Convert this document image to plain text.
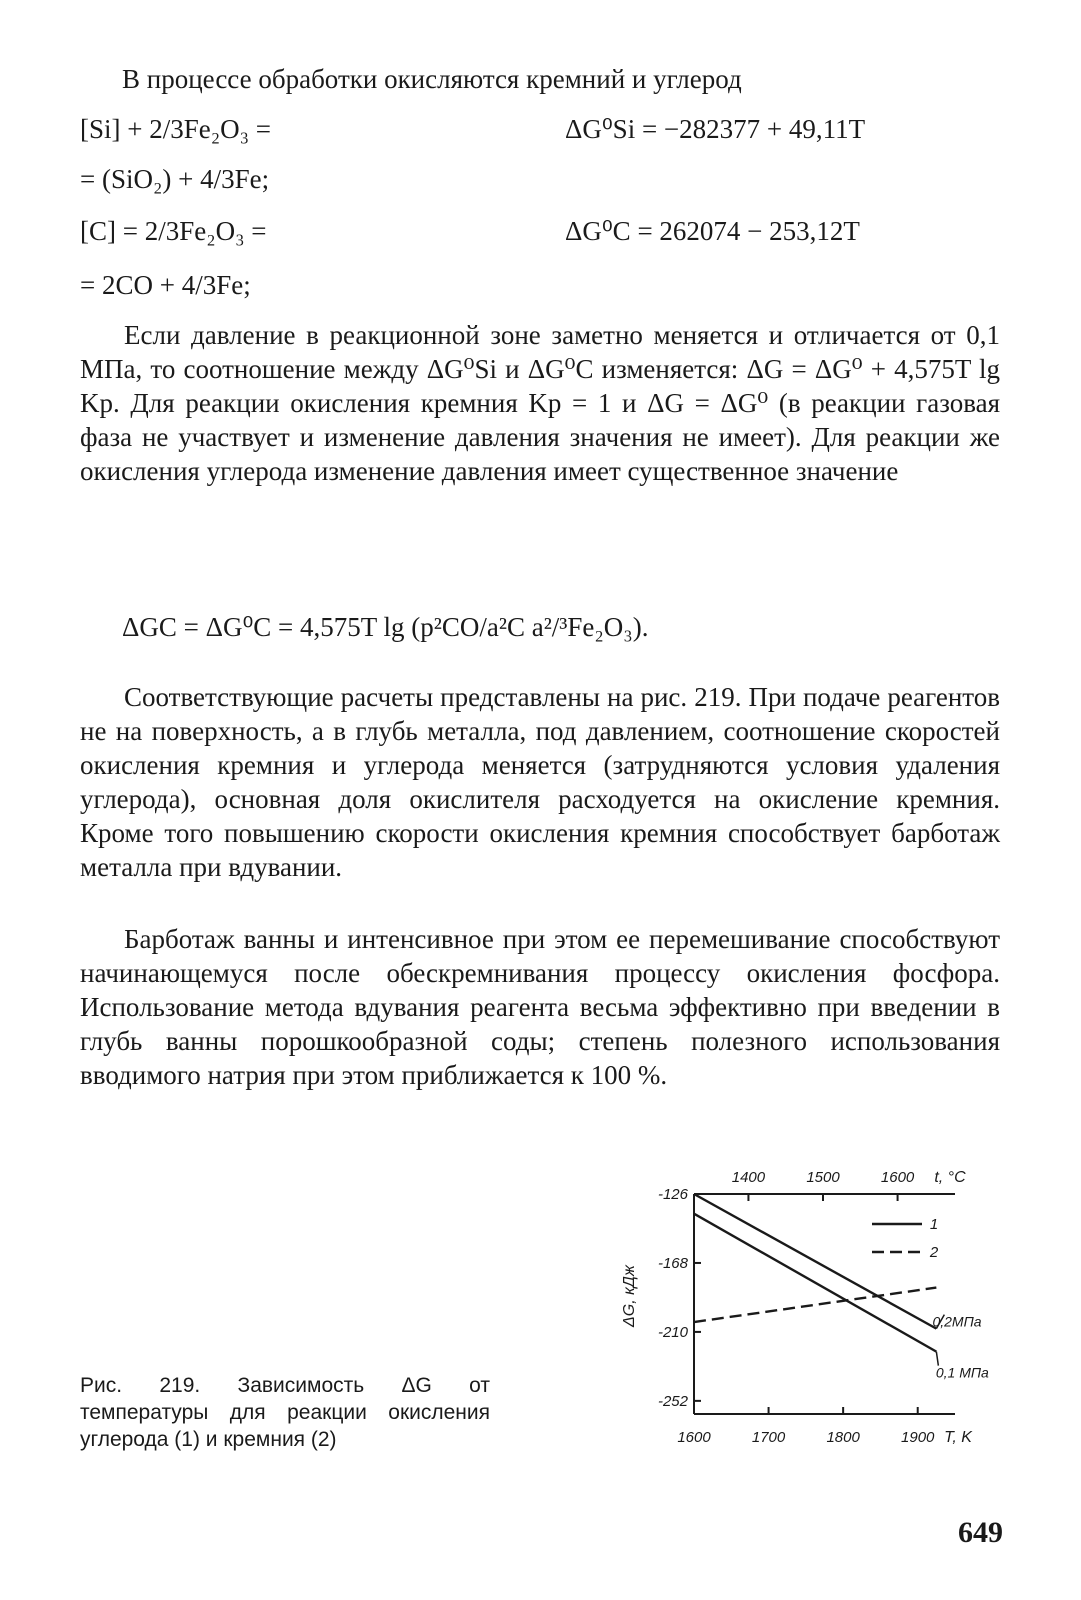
В процессе обработки окисляются кремний и углерод
[Si] + 2/3Fe₂O₃ =
= (SiO₂) + 4/3Fe;
ΔG⁰Si = −282377 + 49,11T
[C] = 2/3Fe₂O₃ =
= 2CO + 4/3Fe;
ΔG⁰C = 262074 − 253,12T
Если давление в реакционной зоне заметно меняется и отличается от 0,1 МПа, то соотношение между ΔG⁰Si и ΔG⁰C изменяется: ΔG = ΔG⁰ + 4,575T lg Kp. Для реакции окисления кремния Kp = 1 и ΔG = ΔG⁰ (в реакции газовая фаза не участвует и изменение давления значения не имеет). Для реакции же окисления углерода изменение давления имеет существенное значение
ΔGC = ΔG⁰C = 4,575T lg (p²CO/a²C a²/³Fe₂O₃).
Соответствующие расчеты представлены на рис. 219. При подаче реагентов не на поверхность, а в глубь металла, под давлением, соотношение скоростей окисления кремния и углерода меняется (затрудняются условия удаления углерода), основная доля окислителя расходуется на окисление кремния. Кроме того повышению скорости окисления кремния способствует барботаж металла при вдувании.
Барботаж ванны и интенсивное при этом ее перемешивание способствуют начинающемуся после обескремнивания процессу окисления фосфора. Использование метода вдувания реагента весьма эффективно при введении в глубь ванны порошкообразной соды; степень полезного использования вводимого натрия при этом приближается к 100 %.
Рис. 219. Зависимость ΔG от температуры для реакции окисления углерода (1) и кремния (2)
-126
-168
-210
-252
1600	1700	1800	1900 T, K
1400	1500	1600 t, °C
ΔG, кДж
1
2
0,2МПа
0,1 МПа
649
